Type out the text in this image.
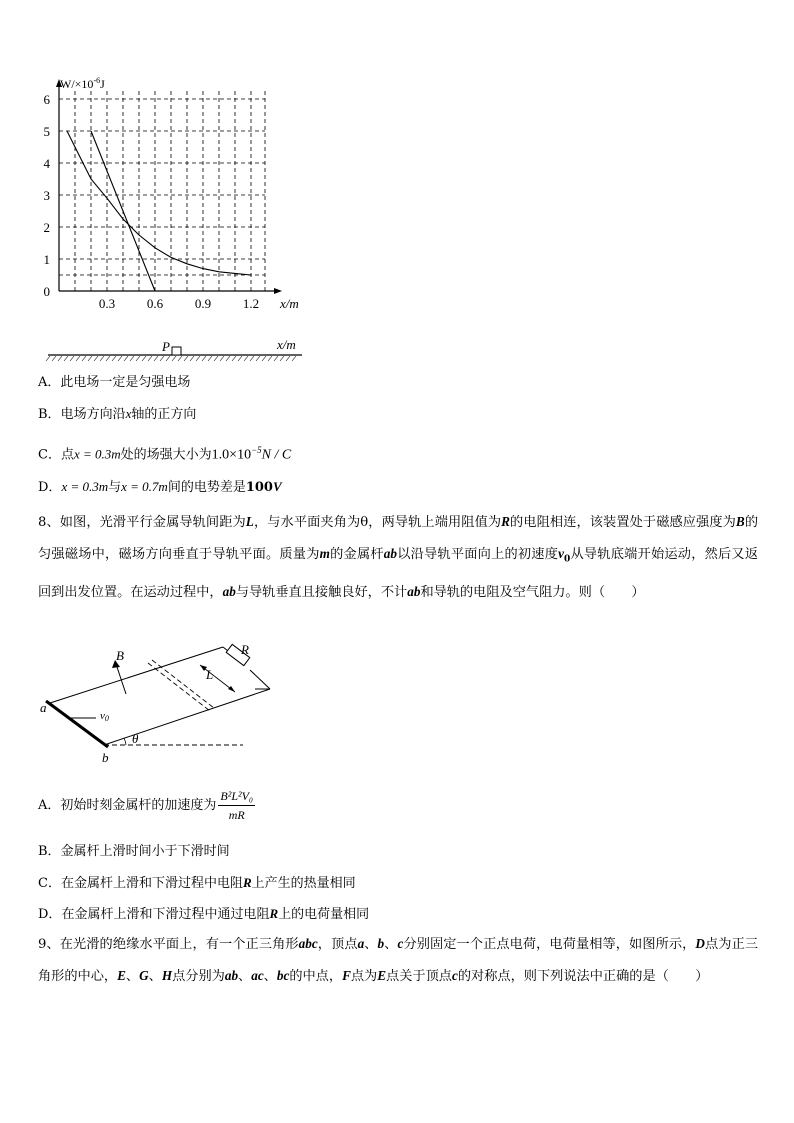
$W/\times 10^{-6}J$
x/m
0
1
2
3
4
5
6
0.3 0.6 0.9 1.2
P	x/m
A．此电场一定是匀强电场
B．电场方向沿x轴的正方向
C．点x = 0.3m处的场强大小为$1.0\times 10^{-5}N / C$
D．x = 0.3m与x = 0.7m间的电势差是100V
8、如图，光滑平行金属导轨间距为L，与水平面夹角为θ，两导轨上端用阻值为R的电阻相连，该装置处于磁感应强度为B的匀强磁场中，磁场方向垂直于导轨平面。质量为m的金属杆ab以沿导轨平面向上的初速度$v_0$从导轨底端开始运动，然后又返回到出发位置。在运动过程中，ab与导轨垂直且接触良好，不计ab和导轨的电阻及空气阻力。则（　　）
B	R
L
a
b
v0
θ
A．初始时刻金属杆的加速度为 $\frac{\text{B²L²V₀}}{mR}$
B．金属杆上滑时间小于下滑时间
C．在金属杆上滑和下滑过程中电阻R上产生的热量相同
D．在金属杆上滑和下滑过程中通过电阻R上的电荷量相同
9、在光滑的绝缘水平面上，有一个正三角形abc，顶点a、b、c分别固定一个正点电荷，电荷量相等，如图所示，D点为正三角形的中心，E、G、H点分别为ab、ac、bc的中点，F点为E点关于顶点c的对称点，则下列说法中正确的是（　　）
